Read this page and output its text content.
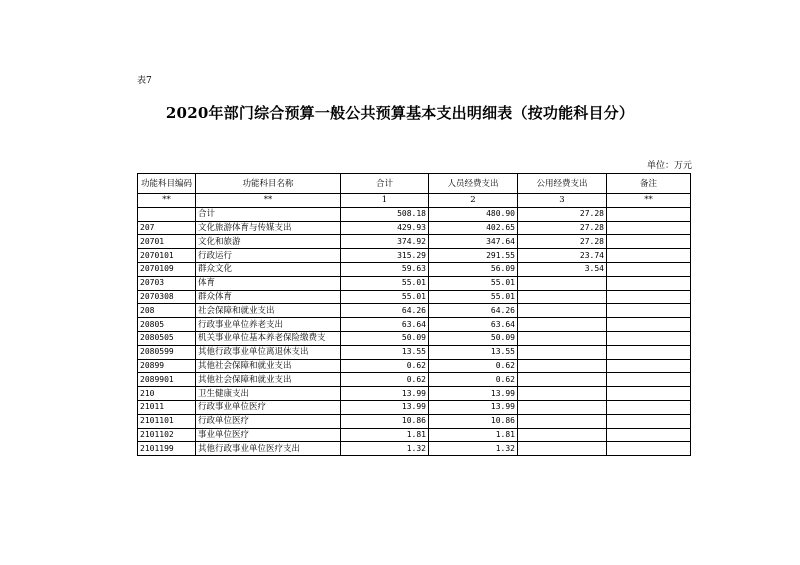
表7
2020年部门综合预算一般公共预算基本支出明细表（按功能科目分）
单位：万元
功能科目编码	功能科目名称	合计	人员经费支出	公用经费支出	备注
**	**	1	2	3	**
	合计	508.18	480.90	27.28	
207	文化旅游体育与传媒支出	429.93	402.65	27.28	
20701	文化和旅游	374.92	347.64	27.28	
2070101	行政运行	315.29	291.55	23.74	
2070109	群众文化	59.63	56.09	3.54	
20703	体育	55.01	55.01		
2070308	群众体育	55.01	55.01		
208	社会保障和就业支出	64.26	64.26		
20805	行政事业单位养老支出	63.64	63.64		
2080505	机关事业单位基本养老保险缴费支	50.09	50.09		
2080599	其他行政事业单位离退休支出	13.55	13.55		
20899	其他社会保障和就业支出	0.62	0.62		
2089901	其他社会保障和就业支出	0.62	0.62		
210	卫生健康支出	13.99	13.99		
21011	行政事业单位医疗	13.99	13.99		
2101101	行政单位医疗	10.86	10.86		
2101102	事业单位医疗	1.81	1.81		
2101199	其他行政事业单位医疗支出	1.32	1.32		
